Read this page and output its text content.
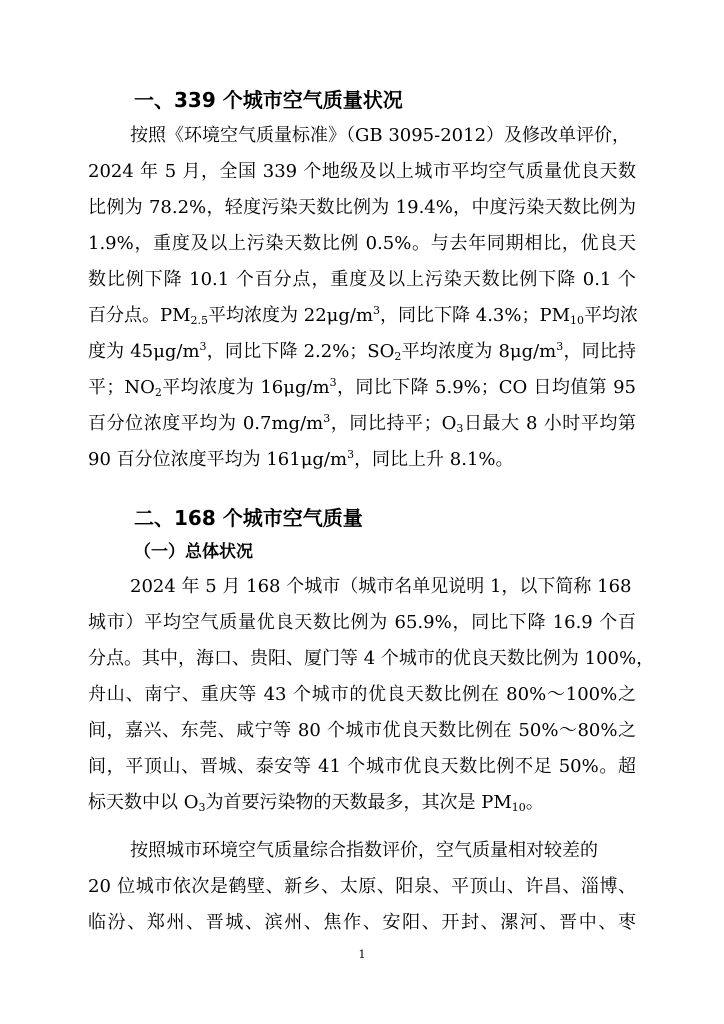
一、339 个城市空气质量状况
按照《环境空气质量标准》（GB 3095-2012）及修改单评价，
2024 年 5 月，全国 339 个地级及以上城市平均空气质量优良天数
比例为 78.2%，轻度污染天数比例为 19.4%，中度污染天数比例为
1.9%，重度及以上污染天数比例 0.5%。与去年同期相比，优良天
数比例下降 10.1 个百分点，重度及以上污染天数比例下降 0.1 个
百分点。$PM_{2.5}$平均浓度为 $22\mu g/m^3$，同比下降 4.3%；$PM_{10}$平均浓
度为 $45\mu g/m^3$，同比下降 2.2%；$SO_2$平均浓度为 $8\mu g/m^3$，同比持
平；$NO_2$平均浓度为 $16\mu g/m^3$，同比下降 5.9%；CO 日均值第 95
百分位浓度平均为 $0.7mg/m^3$，同比持平；$O_3$日最大 8 小时平均第
90 百分位浓度平均为 $161\mu g/m^3$，同比上升 8.1%。
二、168 个城市空气质量
（一）总体状况
2024 年 5 月 168 个城市（城市名单见说明 1，以下简称 168
城市）平均空气质量优良天数比例为 65.9%，同比下降 16.9 个百
分点。其中，海口、贵阳、厦门等 4 个城市的优良天数比例为 100%，
舟山、南宁、重庆等 43 个城市的优良天数比例在 80%～100%之
间，嘉兴、东莞、咸宁等 80 个城市优良天数比例在 50%～80%之
间，平顶山、晋城、泰安等 41 个城市优良天数比例不足 50%。超
标天数中以 $O_3$为首要污染物的天数最多，其次是 $PM_{10}$。
按照城市环境空气质量综合指数评价，空气质量相对较差的
20 位城市依次是鹤壁、新乡、太原、阳泉、平顶山、许昌、淄博、
临汾、郑州、晋城、滨州、焦作、安阳、开封、漯河、晋中、枣
1
